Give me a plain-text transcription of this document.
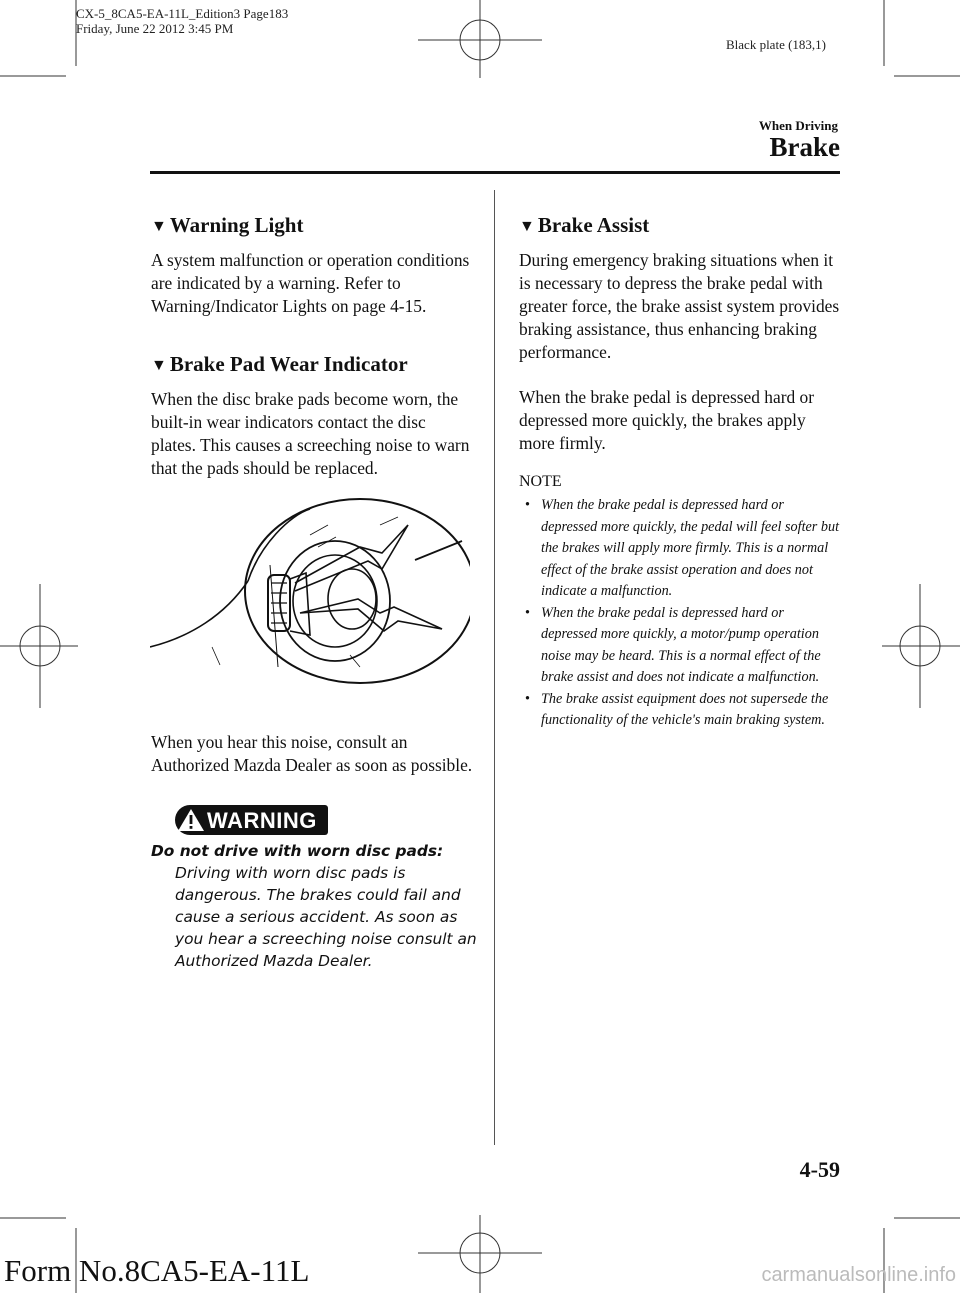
CX-5_8CA5-EA-11L_Edition3 Page183
Friday, June 22 2012 3:45 PM
Black plate (183,1)
When Driving
Brake
▼ Warning Light

A system malfunction or operation conditions are indicated by a warning. Refer to Warning/Indicator Lights on page 4-15.

▼ Brake Pad Wear Indicator

When the disc brake pads become worn, the built-in wear indicators contact the disc plates. This causes a screeching noise to warn that the pads should be replaced.

When you hear this noise, consult an Authorized Mazda Dealer as soon as possible.

WARNING
Do not drive with worn disc pads:
Driving with worn disc pads is dangerous. The brakes could fail and cause a serious accident. As soon as you hear a screeching noise consult an Authorized Mazda Dealer.
▼ Brake Assist

During emergency braking situations when it is necessary to depress the brake pedal with greater force, the brake assist system provides braking assistance, thus enhancing braking performance.

When the brake pedal is depressed hard or depressed more quickly, the brakes apply more firmly.

NOTE

• When the brake pedal is depressed hard or depressed more quickly, the pedal will feel softer but the brakes will apply more firmly. This is a normal effect of the brake assist operation and does not indicate a malfunction.
• When the brake pedal is depressed hard or depressed more quickly, a motor/pump operation noise may be heard. This is a normal effect of the brake assist and does not indicate a malfunction.
• The brake assist equipment does not supersede the functionality of the vehicle's main braking system.
4-59
Form No.8CA5-EA-11L	carmanualsonline.info
